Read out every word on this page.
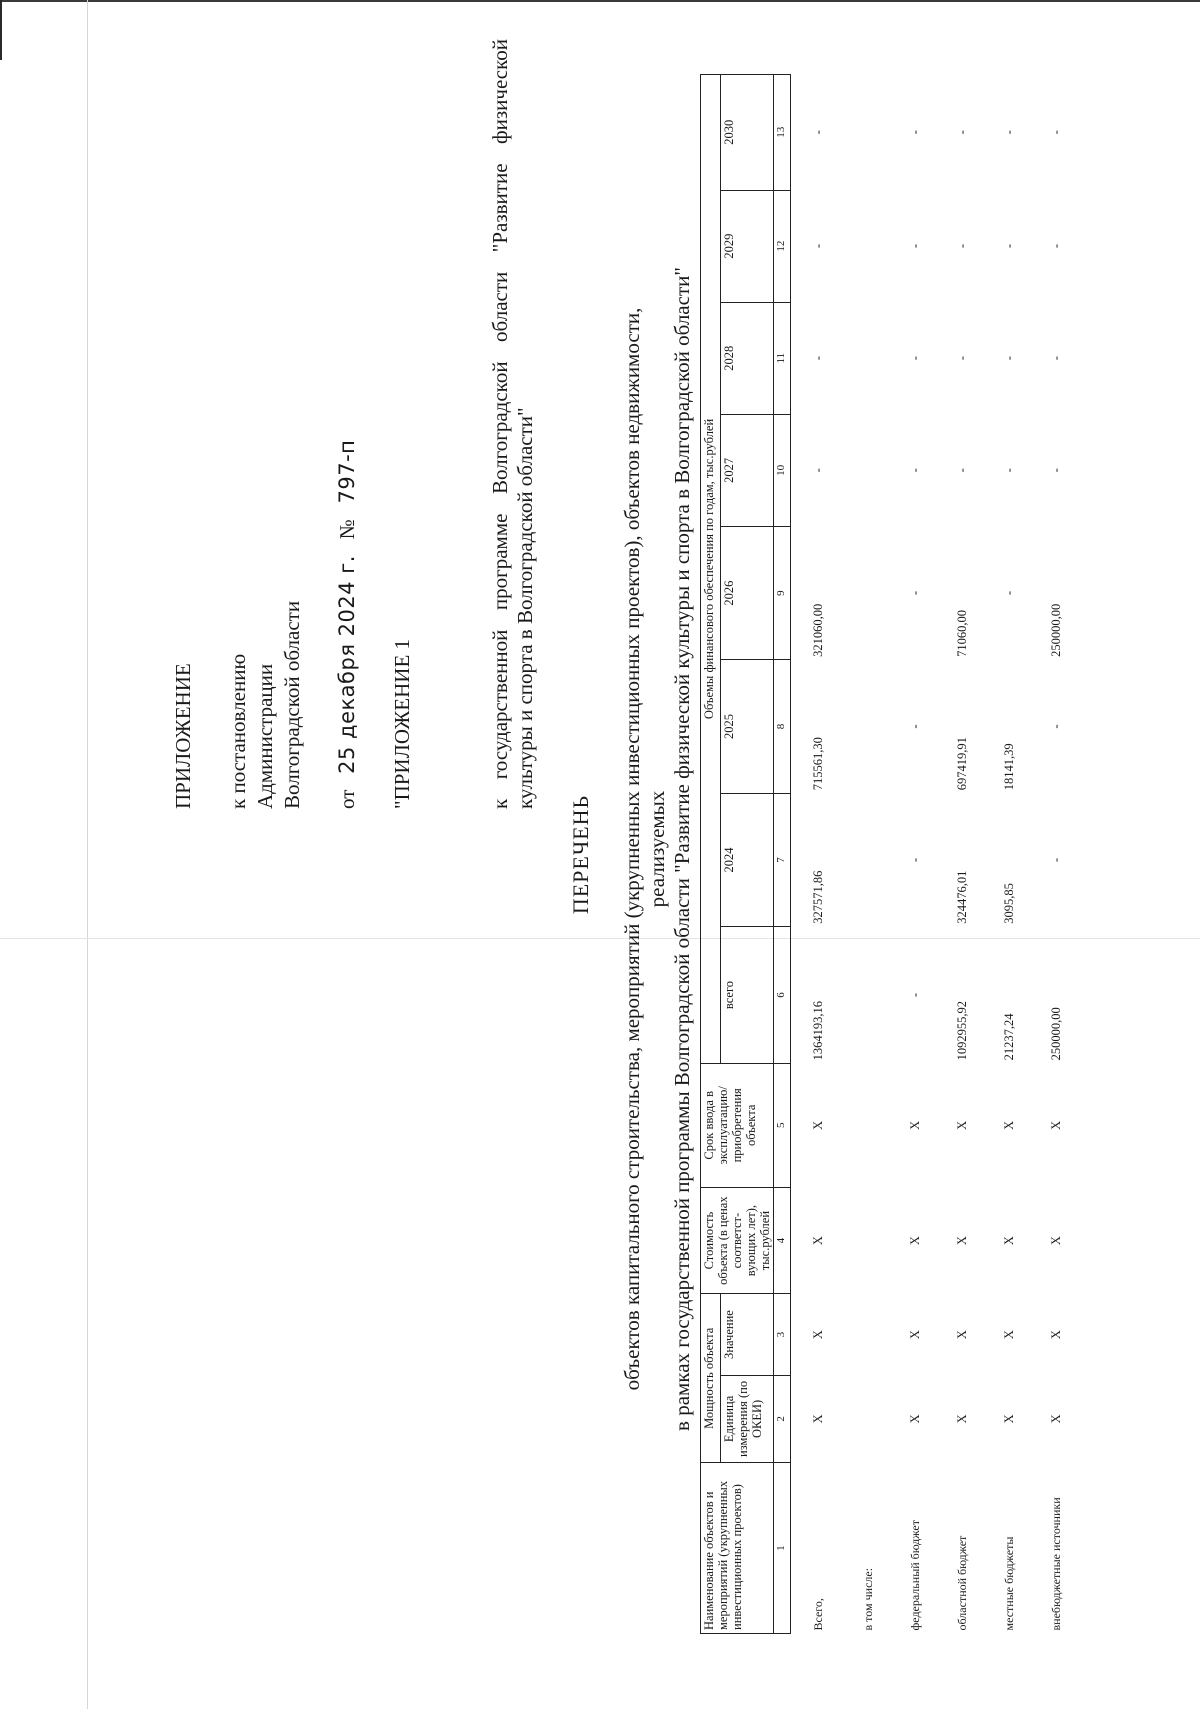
ПРИЛОЖЕНИЕ к постановлению Администрации Волгоградской области от   25 декабря 2024 г.   №   797-п
"ПРИЛОЖЕНИЕ 1	к государственной программе Волгоградской области "Развитие физической культуры и спорта в Волгоградской области"
ПЕРЕЧЕНЬ объектов капитального строительства, мероприятий (укрупненных инвестиционных проектов), объектов недвижимости, реализуемых в рамках государственной программы Волгоградской области "Развитие физической культуры и спорта в Волгоградской области"
Наименование объектов и мероприятий (укрупненных инвестиционных проектов)	Мощность объекта		Стоимость объекта (в ценах соответст- вующих лет), тыс.рублей	Срок ввода в эксплуатацию/ приобретения объекта	Объемы финансового обеспечения по годам, тыс.рублей							
	Единица измерения (по ОКЕИ)	Значение			всего	2024	2025	2026	2027	2028	2029	2030
1	2	3	4	5	6	7	8	9	10	11	12	13
Всего,	X	X	X	X	1364193,16	327571,86	715561,30	321060,00	-	-	-	-
в том числе:												
федеральный бюджет	X	X	X	X	-	-	-	-	-	-	-	-
областной бюджет	X	X	X	X	1092955,92	324476,01	697419,91	71060,00	-	-	-	-
местные бюджеты	X	X	X	X	21237,24	3095,85	18141,39	-	-	-	-	-
внебюджетные источники	X	X	X	X	250000,00	-	-	250000,00	-	-	-	-
